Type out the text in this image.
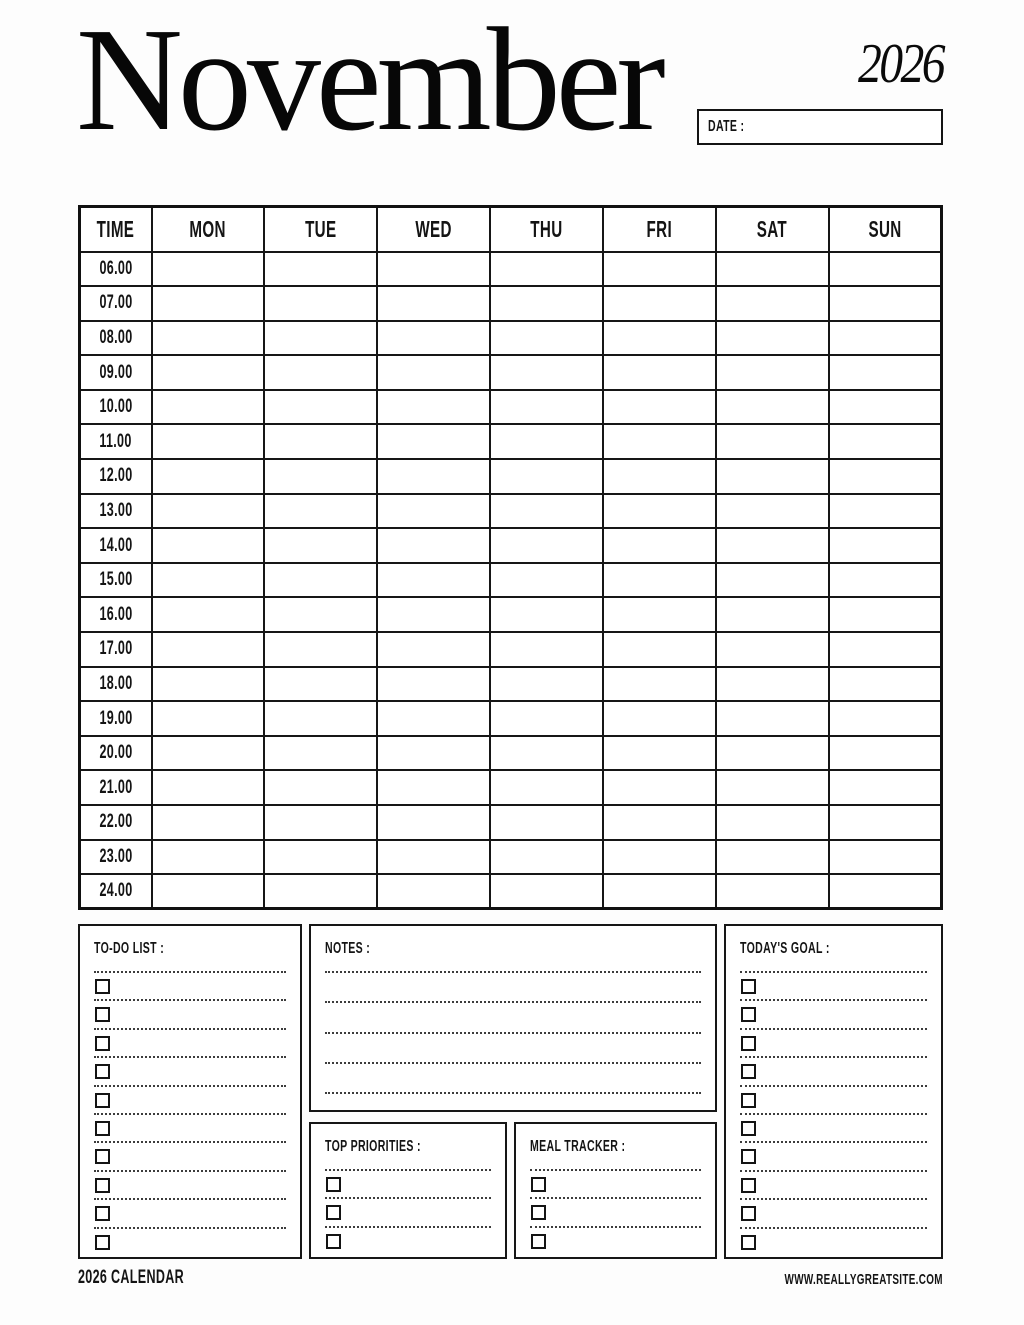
November	2026
DATE :
TIME	MON	TUE	WED	THU	FRI	SAT	SUN
06.00							
07.00							
08.00							
09.00							
10.00							
11.00							
12.00							
13.00							
14.00							
15.00							
16.00							
17.00							
18.00							
19.00							
20.00							
21.00							
22.00							
23.00							
24.00							
TO-DO LIST :	NOTES :
TOP PRIORITIES :	MEAL TRACKER :
TODAY'S GOAL :
2026 CALENDAR	WWW.REALLYGREATSITE.COM
